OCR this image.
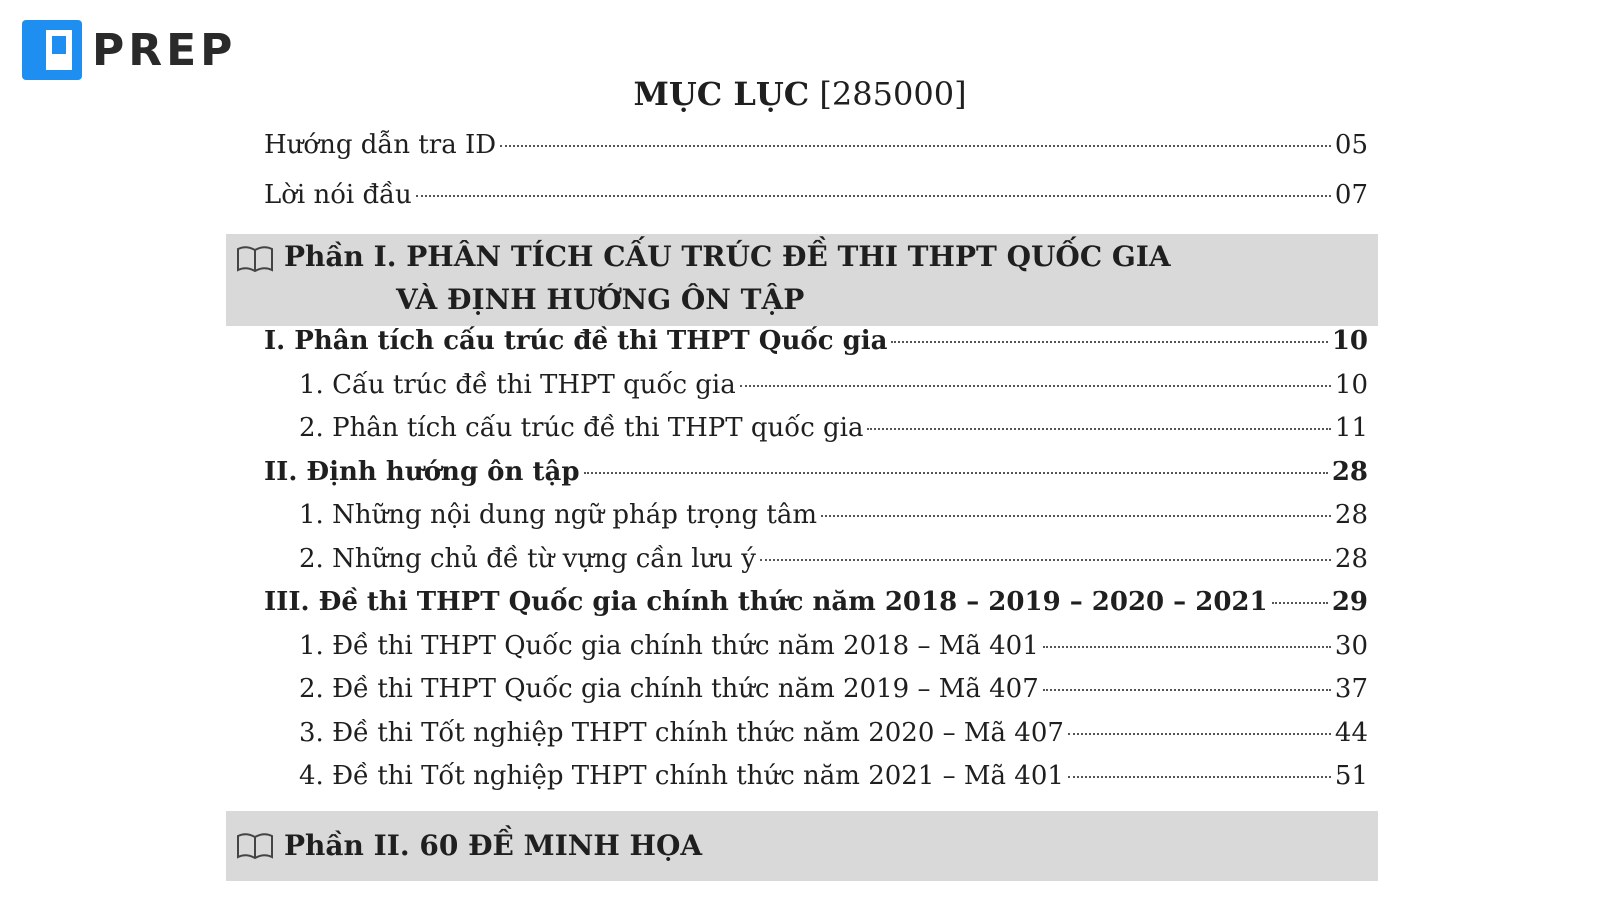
PREP
MỤC LỤC [285000]
Hướng dẫn tra ID	05
Lời nói đầu	07
Phần I. PHÂN TÍCH CẤU TRÚC ĐỀ THI THPT QUỐC GIA
VÀ ĐỊNH HƯỚNG ÔN TẬP
I. Phân tích cấu trúc đề thi THPT Quốc gia	10
1. Cấu trúc đề thi THPT quốc gia	10
2. Phân tích cấu trúc đề thi THPT quốc gia	11
II. Định hướng ôn tập	28
1. Những nội dung ngữ pháp trọng tâm	28
2. Những chủ đề từ vựng cần lưu ý	28
III. Đề thi THPT Quốc gia chính thức năm 2018 – 2019 – 2020 – 2021 29
1. Đề thi THPT Quốc gia chính thức năm 2018 – Mã 401	30
2. Đề thi THPT Quốc gia chính thức năm 2019 – Mã 407	37
3. Đề thi Tốt nghiệp THPT chính thức năm 2020 – Mã 407	44
4. Đề thi Tốt nghiệp THPT chính thức năm 2021 – Mã 401	51
Phần II. 60 ĐỀ MINH HỌA
